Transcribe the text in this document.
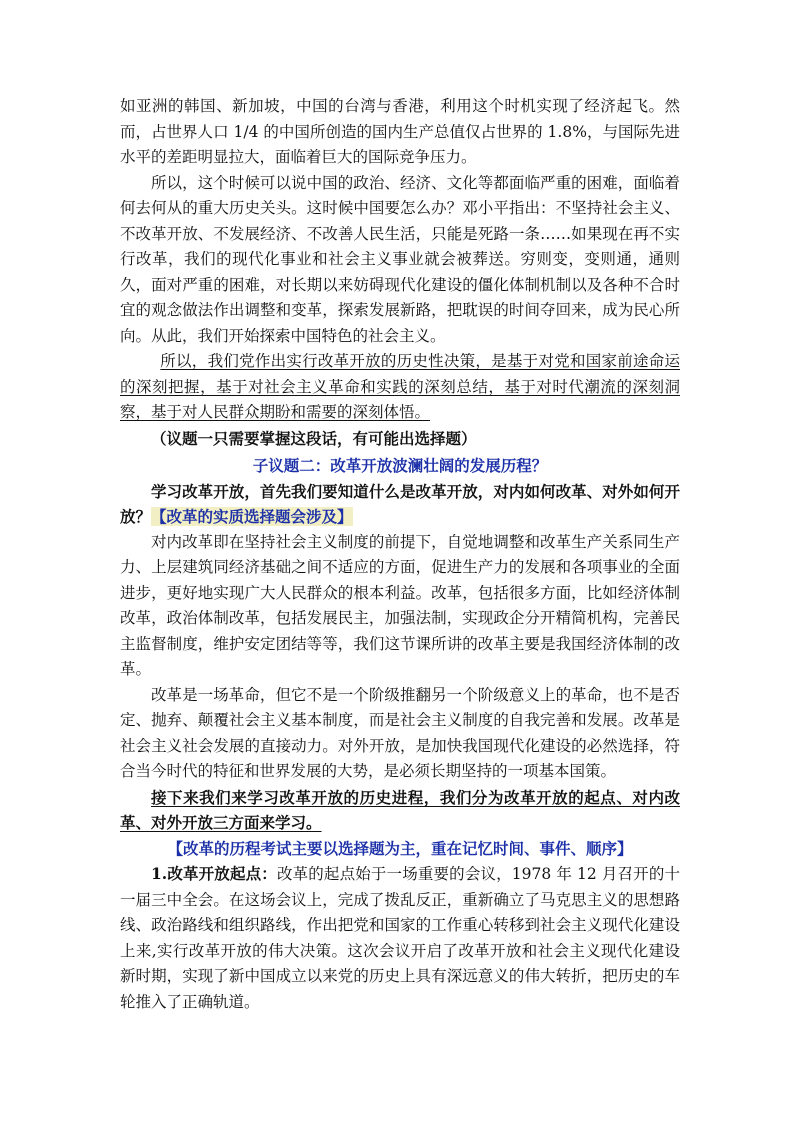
如亚洲的韩国、新加坡，中国的台湾与香港，利用这个时机实现了经济起飞。然而，占世界人口 1/4 的中国所创造的国内生产总值仅占世界的 1.8%，与国际先进水平的差距明显拉大，面临着巨大的国际竞争压力。

所以，这个时候可以说中国的政治、经济、文化等都面临严重的困难，面临着何去何从的重大历史关头。这时候中国要怎么办？邓小平指出：不坚持社会主义、不改革开放、不发展经济、不改善人民生活，只能是死路一条……如果现在再不实行改革，我们的现代化事业和社会主义事业就会被葬送。穷则变，变则通，通则久，面对严重的困难，对长期以来妨碍现代化建设的僵化体制机制以及各种不合时宜的观念做法作出调整和变革，探索发展新路，把耽误的时间夺回来，成为民心所向。从此，我们开始探索中国特色的社会主义。

所以，我们党作出实行改革开放的历史性决策，是基于对党和国家前途命运的深刻把握，基于对社会主义革命和实践的深刻总结，基于对时代潮流的深刻洞察，基于对人民群众期盼和需要的深刻体悟。

（议题一只需要掌握这段话，有可能出选择题）

子议题二：改革开放波澜壮阔的发展历程？

学习改革开放，首先我们要知道什么是改革开放，对内如何改革、对外如何开放？【改革的实质选择题会涉及】

对内改革即在坚持社会主义制度的前提下，自觉地调整和改革生产关系同生产力、上层建筑同经济基础之间不适应的方面，促进生产力的发展和各项事业的全面进步，更好地实现广大人民群众的根本利益。改革，包括很多方面，比如经济体制改革，政治体制改革，包括发展民主，加强法制，实现政企分开精简机构，完善民主监督制度，维护安定团结等等，我们这节课所讲的改革主要是我国经济体制的改革。

改革是一场革命，但它不是一个阶级推翻另一个阶级意义上的革命，也不是否定、抛弃、颠覆社会主义基本制度，而是社会主义制度的自我完善和发展。改革是社会主义社会发展的直接动力。对外开放，是加快我国现代化建设的必然选择，符合当今时代的特征和世界发展的大势，是必须长期坚持的一项基本国策。

接下来我们来学习改革开放的历史进程，我们分为改革开放的起点、对内改革、对外开放三方面来学习。

【改革的历程考试主要以选择题为主，重在记忆时间、事件、顺序】

1.改革开放起点：改革的起点始于一场重要的会议，1978 年 12 月召开的十一届三中全会。在这场会议上，完成了拨乱反正，重新确立了马克思主义的思想路线、政治路线和组织路线，作出把党和国家的工作重心转移到社会主义现代化建设上来,实行改革开放的伟大决策。这次会议开启了改革开放和社会主义现代化建设新时期，实现了新中国成立以来党的历史上具有深远意义的伟大转折，把历史的车轮推入了正确轨道。
